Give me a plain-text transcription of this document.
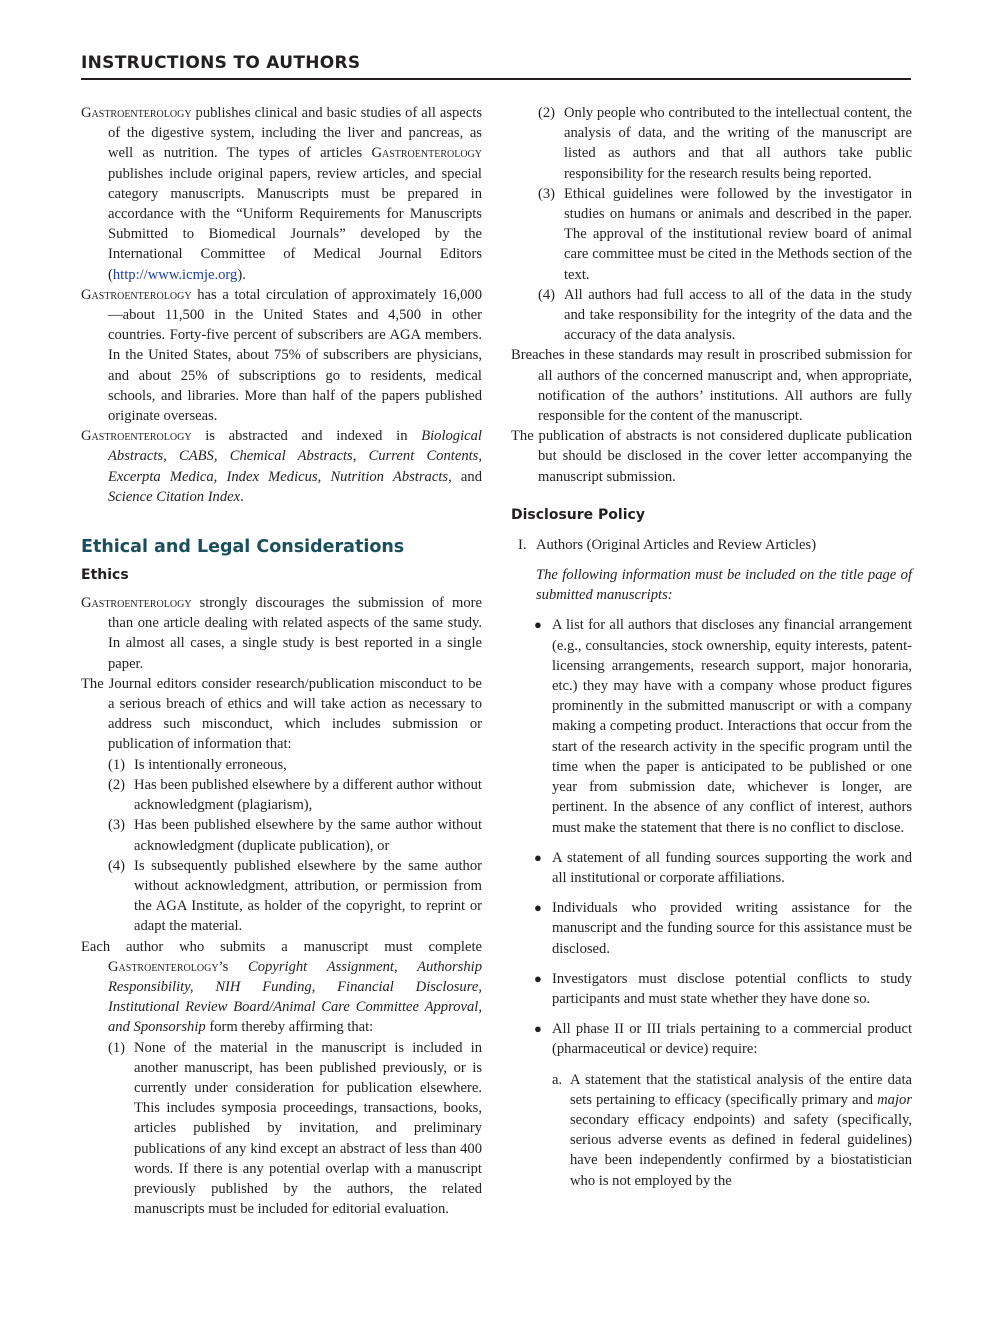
INSTRUCTIONS TO AUTHORS

Gastroenterology publishes clinical and basic studies of all aspects of the digestive system, including the liver and pancreas, as well as nutrition. The types of articles Gastroenterology publishes include original papers, review articles, and special category manuscripts. Manuscripts must be prepared in accordance with the “Uniform Requirements for Manuscripts Submitted to Biomedical Journals” developed by the International Committee of Medical Journal Editors (http://www.icmje.org).

Gastroenterology has a total circulation of approximately 16,000—about 11,500 in the United States and 4,500 in other countries. Forty-five percent of subscribers are AGA members. In the United States, about 75% of subscribers are physicians, and about 25% of subscriptions go to residents, medical schools, and libraries. More than half of the papers published originate overseas.

Gastroenterology is abstracted and indexed in Biological Abstracts, CABS, Chemical Abstracts, Current Contents, Excerpta Medica, Index Medicus, Nutrition Abstracts, and Science Citation Index.

Ethical and Legal Considerations
Ethics

Gastroenterology strongly discourages the submission of more than one article dealing with related aspects of the same study. In almost all cases, a single study is best reported in a single paper.

The Journal editors consider research/publication misconduct to be a serious breach of ethics and will take action as necessary to address such misconduct, which includes submission or publication of information that:

(1) Is intentionally erroneous,

(2) Has been published elsewhere by a different author without acknowledgment (plagiarism),

(3) Has been published elsewhere by the same author without acknowledgment (duplicate publication), or

(4) Is subsequently published elsewhere by the same author without acknowledgment, attribution, or permission from the AGA Institute, as holder of the copyright, to reprint or adapt the material.

Each author who submits a manuscript must complete Gastroenterology’s Copyright Assignment, Authorship Responsibility, NIH Funding, Financial Disclosure, Institutional Review Board/Animal Care Committee Approval, and Sponsorship form thereby affirming that:

(1) None of the material in the manuscript is included in another manuscript, has been published previously, or is currently under consideration for publication elsewhere. This includes symposia proceedings, transactions, books, articles published by invitation, and preliminary publications of any kind except an abstract of less than 400 words. If there is any potential overlap with a manuscript previously published by the authors, the related manuscripts must be included for editorial evaluation.

(2) Only people who contributed to the intellectual content, the analysis of data, and the writing of the manuscript are listed as authors and that all authors take public responsibility for the research results being reported.

(3) Ethical guidelines were followed by the investigator in studies on humans or animals and described in the paper. The approval of the institutional review board of animal care committee must be cited in the Methods section of the text.

(4) All authors had full access to all of the data in the study and take responsibility for the integrity of the data and the accuracy of the data analysis.

Breaches in these standards may result in proscribed submission for all authors of the concerned manuscript and, when appropriate, notification of the authors’ institutions. All authors are fully responsible for the content of the manuscript.

The publication of abstracts is not considered duplicate publication but should be disclosed in the cover letter accompanying the manuscript submission.

Disclosure Policy

I. Authors (Original Articles and Review Articles)

The following information must be included on the title page of submitted manuscripts:

● A list for all authors that discloses any financial arrangement (e.g., consultancies, stock ownership, equity interests, patent-licensing arrangements, research support, major honoraria, etc.) they may have with a company whose product figures prominently in the submitted manuscript or with a company making a competing product. Interactions that occur from the start of the research activity in the specific program until the time when the paper is anticipated to be published or one year from submission date, whichever is longer, are pertinent. In the absence of any conflict of interest, authors must make the statement that there is no conflict to disclose.

● A statement of all funding sources supporting the work and all institutional or corporate affiliations.

● Individuals who provided writing assistance for the manuscript and the funding source for this assistance must be disclosed.

● Investigators must disclose potential conflicts to study participants and must state whether they have done so.

● All phase II or III trials pertaining to a commercial product (pharmaceutical or device) require:

a. A statement that the statistical analysis of the entire data sets pertaining to efficacy (specifically primary and major secondary efficacy endpoints) and safety (specifically, serious adverse events as defined in federal guidelines) have been independently confirmed by a biostatistician who is not employed by the
